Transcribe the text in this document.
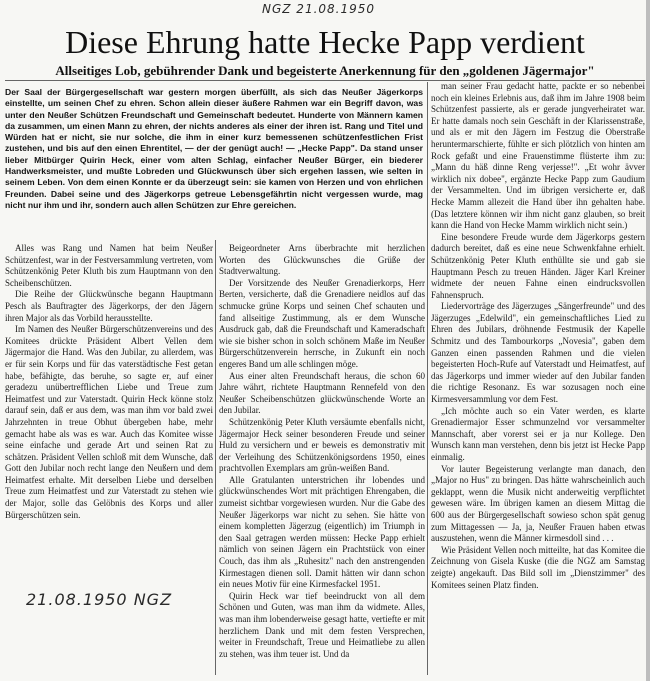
NGZ 21.08.1950
Diese Ehrung hatte Hecke Papp verdient
Allseitiges Lob, gebührender Dank und begeisterte Anerkennung für den „goldenen Jägermajor"

Der Saal der Bürgergesellschaft war gestern morgen überfüllt, als sich das Neußer Jägerkorps einstellte, um seinen Chef zu ehren. Schon allein dieser äußere Rahmen war ein Begriff davon, was unter den Neußer Schützen Freundschaft und Gemeinschaft bedeutet. Hunderte von Männern kamen da zusammen, um einen Mann zu ehren, der nichts anderes als einer der ihren ist. Rang und Titel und Würden hat er nicht, sie nur solche, die ihm in einer kurz bemessenen schützenfestlichen Frist zustehen, und bis auf den einen Ehrentitel, — der der genügt auch! — „Hecke Papp". Da stand unser lieber Mitbürger Quirin Heck, einer vom alten Schlag, einfacher Neußer Bürger, ein biederer Handwerksmeister, und mußte Lobreden und Glückwunsch über sich ergehen lassen, wie selten in seinem Leben. Von dem einen Konnte er da überzeugt sein: sie kamen von Herzen und von ehrlichen Freunden. Dabei seine und des Jägerkorps getreue Lebensgefährtin nicht vergessen wurde, mag nicht nur ihm und ihr, sondern auch allen Schützen zur Ehre gereichen.

Alles was Rang und Namen hat beim Neußer Schützenfest, war in der Festversammlung vertreten, vom Schützenkönig Peter Kluth bis zum Hauptmann von den Scheibenschützen.

Die Reihe der Glückwünsche begann Hauptmann Pesch als Bauftragter des Jägerkorps, der den Jägern ihren Major als das Vorbild herausstellte.

Im Namen des Neußer Bürgerschützenvereins und des Komitees drückte Präsident Albert Vellen dem Jägermajor die Hand. Was den Jubilar, zu allerdem, was er für sein Korps und für das vaterstädtische Fest getan habe, befähigte, das beruhe, so sagte er, auf einer geradezu unübertrefflichen Liebe und Treue zum Heimatfest und zur Vaterstadt. Quirin Heck könne stolz darauf sein, daß er aus dem, was man ihm vor bald zwei Jahrzehnten in treue Obhut übergeben habe, mehr gemacht habe als was es war. Auch das Komitee wisse seine einfache und gerade Art und seinen Rat zu schätzen. Präsident Vellen schloß mit dem Wunsche, daß Gott den Jubilar noch recht lange den Neußern und dem Heimatfest erhalte. Mit derselben Liebe und derselben Treue zum Heimatfest und zur Vaterstadt zu stehen wie der Major, solle das Gelöbnis des Korps und aller Bürgerschützen sein.

Beigeordneter Arns überbrachte mit herzlichen Worten des Glückwunsches die Grüße der Stadtverwaltung.

Der Vorsitzende des Neußer Grenadierkorps, Herr Berten, versicherte, daß die Grenadiere neidlos auf das schmucke grüne Korps und seinen Chef schauten und fand allseitige Zustimmung, als er dem Wunsche Ausdruck gab, daß die Freundschaft und Kameradschaft wie sie bisher schon in solch schönem Maße im Neußer Bürgerschützenverein herrsche, in Zukunft ein noch engeres Band um alle schlingen möge.

Aus einer alten Freundschaft heraus, die schon 60 Jahre währt, richtete Hauptmann Rennefeld von den Neußer Scheibenschützen glückwünschende Worte an den Jubilar.

Schützenkönig Peter Kluth versäumte ebenfalls nicht, Jägermajor Heck seiner besonderen Freude und seiner Huld zu versichern und er beweis es demonstrativ mit der Verleihung des Schützenkönigsordens 1950, eines prachtvollen Exemplars am grün-weißen Band.

Alle Gratulanten unterstrichen ihr lobendes und glückwünschendes Wort mit prächtigen Ehrengaben, die zumeist sichtbar vorgewiesen wurden. Nur die Gabe des Neußer Jägerkorps war nicht zu sehen. Sie hätte von einem kompletten Jägerzug (eigentlich) im Triumph in den Saal getragen werden müssen: Hecke Papp erhielt nämlich von seinen Jägern ein Prachtstück von einer Couch, das ihm als „Ruhesitz" nach den anstrengenden Kirmestagen dienen soll. Damit hätten wir dann schon ein neues Motiv für eine Kirmesfackel 1951.

Quirin Heck war tief beeindruckt von all dem Schönen und Guten, was man ihm da widmete. Alles, was man ihm lobenderweise gesagt hatte, vertiefte er mit herzlichem Dank und mit dem festen Versprechen, weiter in Freundschaft, Treue und Heimatliebe zu allen zu stehen, was ihm teuer ist. Und da

man seiner Frau gedacht hatte, packte er so nebenbei noch ein kleines Erlebnis aus, daß ihm im Jahre 1908 beim Schützenfest passierte, als er gerade jungverheiratet war. Er hatte damals noch sein Geschäft in der Klarissenstraße, und als er mit den Jägern im Festzug die Oberstraße heruntermarschierte, fühlte er sich plötzlich von hinten am Rock gefaßt und eine Frauenstimme flüsterte ihm zu: „Mann du häß dinne Reng verjesse!". „Et wohr ävver wirklich nix dobee", ergänzte Hecke Papp zum Gaudium der Versammelten. Und im übrigen versicherte er, daß Hecke Mamm allezeit die Hand über ihn gehalten habe. (Das letztere können wir ihm nicht ganz glauben, so breit kann die Hand von Hecke Mamm wirklich nicht sein.)

Eine besondere Freude wurde dem Jägerkorps gestern dadurch bereitet, daß es eine neue Schwenkfahne erhielt. Schützenkönig Peter Kluth enthüllte sie und gab sie Hauptmann Pesch zu treuen Händen. Jäger Karl Kreiner widmete der neuen Fahne einen eindrucksvollen Fahnenspruch.

Liedervorträge des Jägerzuges „Sängerfreunde" und des Jägerzuges „Edelwild", ein gemeinschaftliches Lied zu Ehren des Jubilars, dröhnende Festmusik der Kapelle Schmitz und des Tambourkorps „Novesia", gaben dem Ganzen einen passenden Rahmen und die vielen begeisterten Hoch-Rufe auf Vaterstadt und Heimatfest, auf das Jägerkorps und immer wieder auf den Jubilar fanden die richtige Resonanz. Es war sozusagen noch eine Kirmesversammlung vor dem Fest.

„Ich möchte auch so ein Vater werden, es klarte Grenadiermajor Esser schmunzelnd vor versammelter Mannschaft, aber vorerst sei er ja nur Kollege. Den Wunsch kann man verstehen, denn bis jetzt ist Hecke Papp einmalig.

Vor lauter Begeisterung verlangte man danach, den „Major no Hus" zu bringen. Das hätte wahrscheinlich auch geklappt, wenn die Musik nicht anderweitig verpflichtet gewesen wäre. Im übrigen kamen an diesem Mittag die 600 aus der Bürgergesellschaft sowieso schon spät genug zum Mittagessen — Ja, ja, Neußer Frauen haben etwas auszustehen, wenn die Männer kirmesdoll sind . . .

Wie Präsident Vellen noch mitteilte, hat das Komitee die Zeichnung von Gisela Kuske (die die NGZ am Samstag zeigte) angekauft. Das Bild soll im „Dienstzimmer" des Komitees seinen Platz finden.

21.08.1950 NGZ
